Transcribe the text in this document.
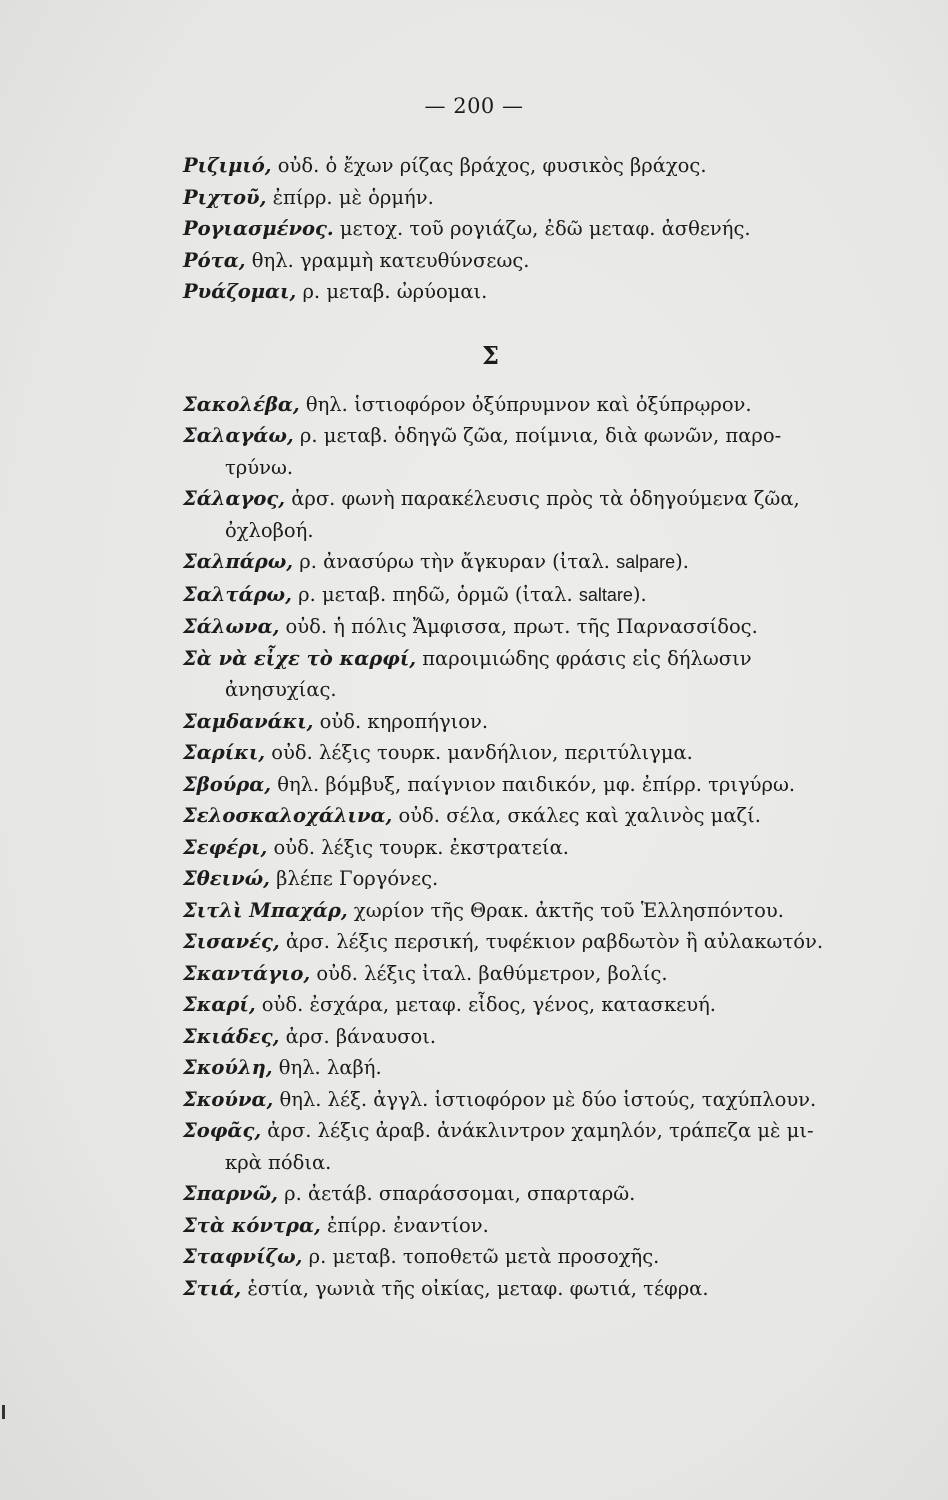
— 200 —
Ριζιμιό, οὐδ. ὁ ἔχων ρίζας βράχος, φυσικὸς βράχος.
Ριχτοῦ, ἐπίρρ. μὲ ὁρμήν.
Ρογιασμένος. μετοχ. τοῦ ρογιάζω, ἐδῶ μεταφ. ἀσθενής.
Ρότα, θηλ. γραμμὴ κατευθύνσεως.
Ρυάζομαι, ρ. μεταβ. ὠρύομαι.
Σ
Σακολέβα, θηλ. ἱστιοφόρον ὀξύπρυμνον καὶ ὀξύπρῳρον.
Σαλαγάω, ρ. μεταβ. ὁδηγῶ ζῶα, ποίμνια, διὰ φωνῶν, παρο-
τρύνω.
Σάλαγος, ἀρσ. φωνὴ παρακέλευσις πρὸς τὰ ὁδηγούμενα ζῶα,
ὀχλοβοή.
Σαλπάρω, ρ. ἀνασύρω τὴν ἄγκυραν (ἰταλ. salpare).
Σαλτάρω, ρ. μεταβ. πηδῶ, ὁρμῶ (ἰταλ. saltare).
Σάλωνα, οὐδ. ἡ πόλις Ἄμφισσα, πρωτ. τῆς Παρνασσίδος.
Σὰ νὰ εἶχε τὸ καρφί, παροιμιώδης φράσις εἰς δήλωσιν
ἀνησυχίας.
Σαμδανάκι, οὐδ. κηροπήγιον.
Σαρίκι, οὐδ. λέξις τουρκ. μανδήλιον, περιτύλιγμα.
Σβούρα, θηλ. βόμβυξ, παίγνιον παιδικόν, μφ. ἐπίρρ. τριγύρω.
Σελοσκαλοχάλινα, οὐδ. σέλα, σκάλες καὶ χαλινὸς μαζί.
Σεφέρι, οὐδ. λέξις τουρκ. ἐκστρατεία.
Σθεινώ, βλέπε Γοργόνες.
Σιτλὶ Μπαχάρ, χωρίον τῆς Θρακ. ἀκτῆς τοῦ Ἑλλησπόντου.
Σισανές, ἀρσ. λέξις περσική, τυφέκιον ραβδωτὸν ἢ αὐλακωτόν.
Σκαντάγιο, οὐδ. λέξις ἰταλ. βαθύμετρον, βολίς.
Σκαρί, οὐδ. ἐσχάρα, μεταφ. εἶδος, γένος, κατασκευή.
Σκιάδες, ἀρσ. βάναυσοι.
Σκούλη, θηλ. λαβή.
Σκούνα, θηλ. λέξ. ἀγγλ. ἱστιοφόρον μὲ δύο ἱστούς, ταχύπλουν.
Σοφᾶς, ἀρσ. λέξις ἀραβ. ἀνάκλιντρον χαμηλόν, τράπεζα μὲ μι-
κρὰ πόδια.
Σπαρνῶ, ρ. ἀετάβ. σπαράσσομαι, σπαρταρῶ.
Στὰ κόντρα, ἐπίρρ. ἐναντίον.
Σταφνίζω, ρ. μεταβ. τοποθετῶ μετὰ προσοχῆς.
Στιά, ἑστία, γωνιὰ τῆς οἰκίας, μεταφ. φωτιά, τέφρα.
